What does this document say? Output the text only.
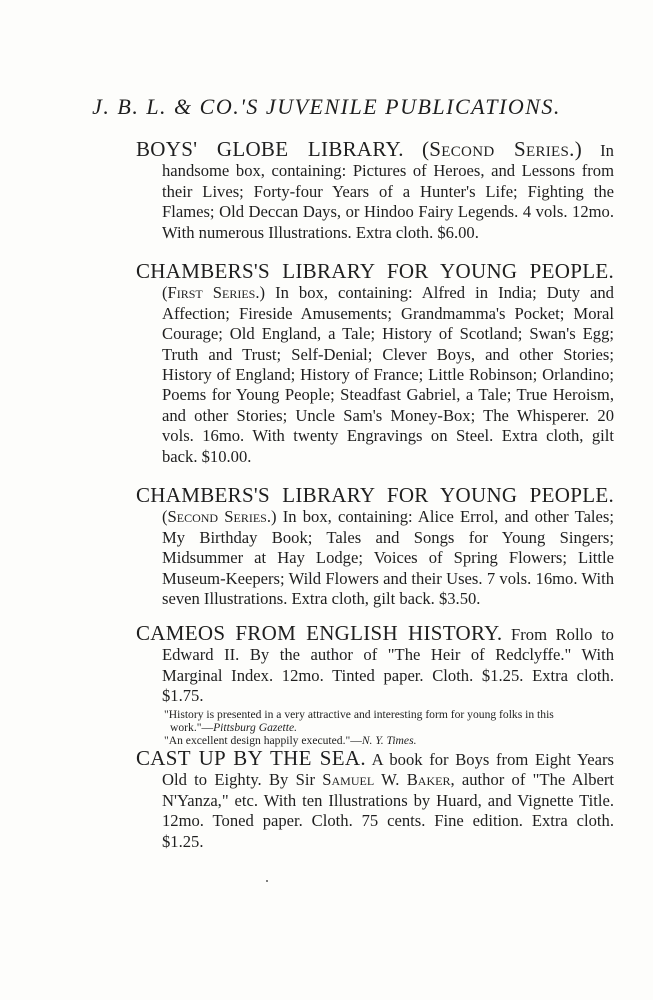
J. B. L. & CO.'S JUVENILE PUBLICATIONS.
BOYS' GLOBE LIBRARY. (Second Series.) In handsome box, containing: Pictures of Heroes, and Lessons from their Lives; Forty-four Years of a Hunter's Life; Fighting the Flames; Old Deccan Days, or Hindoo Fairy Legends. 4 vols. 12mo. With numerous Illustrations. Extra cloth. $6.00.
CHAMBERS'S LIBRARY FOR YOUNG PEOPLE. (First Series.) In box, containing: Alfred in India; Duty and Affection; Fireside Amusements; Grandmamma's Pocket; Moral Courage; Old England, a Tale; History of Scotland; Swan's Egg; Truth and Trust; Self-Denial; Clever Boys, and other Stories; History of England; History of France; Little Robinson; Orlandino; Poems for Young People; Steadfast Gabriel, a Tale; True Heroism, and other Stories; Uncle Sam's Money-Box; The Whisperer. 20 vols. 16mo. With twenty Engravings on Steel. Extra cloth, gilt back. $10.00.
CHAMBERS'S LIBRARY FOR YOUNG PEOPLE. (Second Series.) In box, containing: Alice Errol, and other Tales; My Birthday Book; Tales and Songs for Young Singers; Midsummer at Hay Lodge; Voices of Spring Flowers; Little Museum-Keepers; Wild Flowers and their Uses. 7 vols. 16mo. With seven Illustrations. Extra cloth, gilt back. $3.50.
CAMEOS FROM ENGLISH HISTORY. From Rollo to Edward II. By the author of "The Heir of Redclyffe." With Marginal Index. 12mo. Tinted paper. Cloth. $1.25. Extra cloth. $1.75.
"History is presented in a very attractive and interesting form for young folks in this work."—Pittsburg Gazette.
"An excellent design happily executed."—N. Y. Times.
CAST UP BY THE SEA. A book for Boys from Eight Years Old to Eighty. By Sir Samuel W. Baker, author of "The Albert N'Yanza," etc. With ten Illustrations by Huard, and Vignette Title. 12mo. Toned paper. Cloth. 75 cents. Fine edition. Extra cloth. $1.25.
